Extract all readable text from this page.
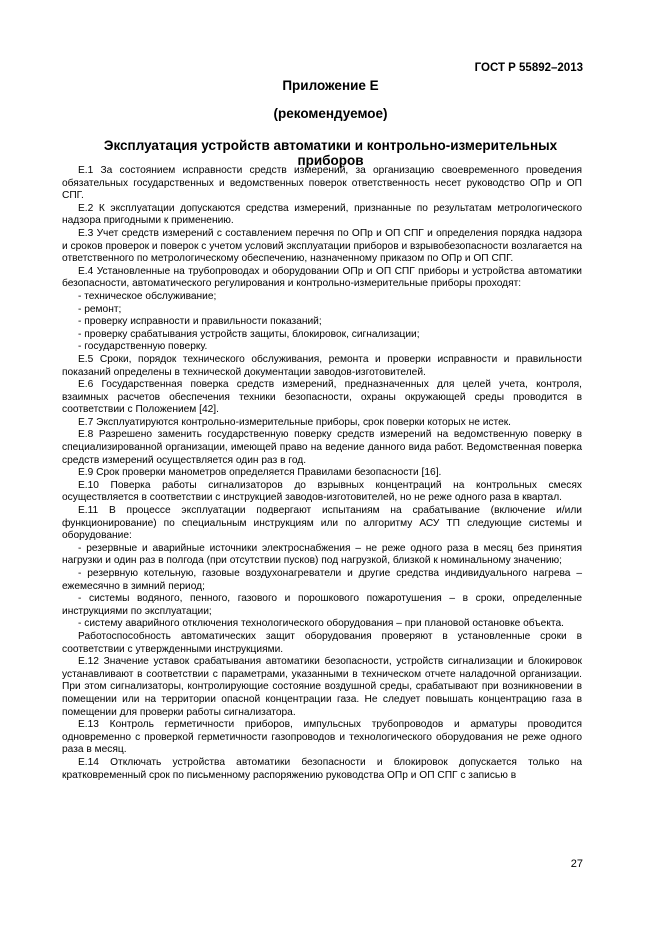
ГОСТ Р 55892–2013
Приложение Е
(рекомендуемое)
Эксплуатация устройств автоматики и контрольно-измерительных приборов

Е.1 За состоянием исправности средств измерений, за организацию своевременного проведения обязательных государственных и ведомственных поверок ответственность несет руководство ОПр и ОП СПГ.

Е.2 К эксплуатации допускаются средства измерений, признанные по результатам метрологического надзора пригодными к применению.

Е.3 Учет средств измерений с составлением перечня по ОПр и ОП СПГ и определения порядка надзора и сроков проверок и поверок с учетом условий эксплуатации приборов и взрывобезопасности возлагается на ответственного по метрологическому обеспечению, назначенному приказом по ОПр и ОП СПГ.

Е.4 Установленные на трубопроводах и оборудовании ОПр и ОП СПГ приборы и устройства автоматики безопасности, автоматического регулирования и контрольно-измерительные приборы проходят:

- техническое обслуживание;

- ремонт;

- проверку исправности и правильности показаний;

- проверку срабатывания устройств защиты, блокировок, сигнализации;

- государственную поверку.

Е.5 Сроки, порядок технического обслуживания, ремонта и проверки исправности и правильности показаний определены в технической документации заводов-изготовителей.

Е.6 Государственная поверка средств измерений, предназначенных для целей учета, контроля, взаимных расчетов обеспечения техники безопасности, охраны окружающей среды проводится в соответствии с Положением [42].

Е.7 Эксплуатируются контрольно-измерительные приборы, срок поверки которых не истек.

Е.8 Разрешено заменить государственную поверку средств измерений на ведомственную поверку в специализированной организации, имеющей право на ведение данного вида работ. Ведомственная поверка средств измерений осуществляется один раз в год.

Е.9 Срок проверки манометров определяется Правилами безопасности [16].

Е.10 Поверка работы сигнализаторов до взрывных концентраций на контрольных смесях осуществляется в соответствии с инструкцией заводов-изготовителей, но не реже одного раза в квартал.

Е.11 В процессе эксплуатации подвергают испытаниям на срабатывание (включение и/или функционирование) по специальным инструкциям или по алгоритму АСУ ТП следующие системы и оборудование:

- резервные и аварийные источники электроснабжения – не реже одного раза в месяц без принятия нагрузки и один раз в полгода (при отсутствии пусков) под нагрузкой, близкой к номинальному значению;

- резервную котельную, газовые воздухонагреватели и другие средства индивидуального нагрева – ежемесячно в зимний период;

- системы водяного, пенного, газового и порошкового пожаротушения – в сроки, определенные инструкциями по эксплуатации;

- систему аварийного отключения технологического оборудования – при плановой остановке объекта.

Работоспособность автоматических защит оборудования проверяют в установленные сроки в соответствии с утвержденными инструкциями.

Е.12 Значение уставок срабатывания автоматики безопасности, устройств сигнализации и блокировок устанавливают в соответствии с параметрами, указанными в техническом отчете наладочной организации. При этом сигнализаторы, контролирующие состояние воздушной среды, срабатывают при возникновении в помещении или на территории опасной концентрации газа. Не следует повышать концентрацию газа в помещении для проверки работы сигнализатора.

Е.13 Контроль герметичности приборов, импульсных трубопроводов и арматуры проводится одновременно с проверкой герметичности газопроводов и технологического оборудования не реже одного раза в месяц.

Е.14 Отключать устройства автоматики безопасности и блокировок допускается только на кратковременный срок по письменному распоряжению руководства ОПр и ОП СПГ с записью в

27
